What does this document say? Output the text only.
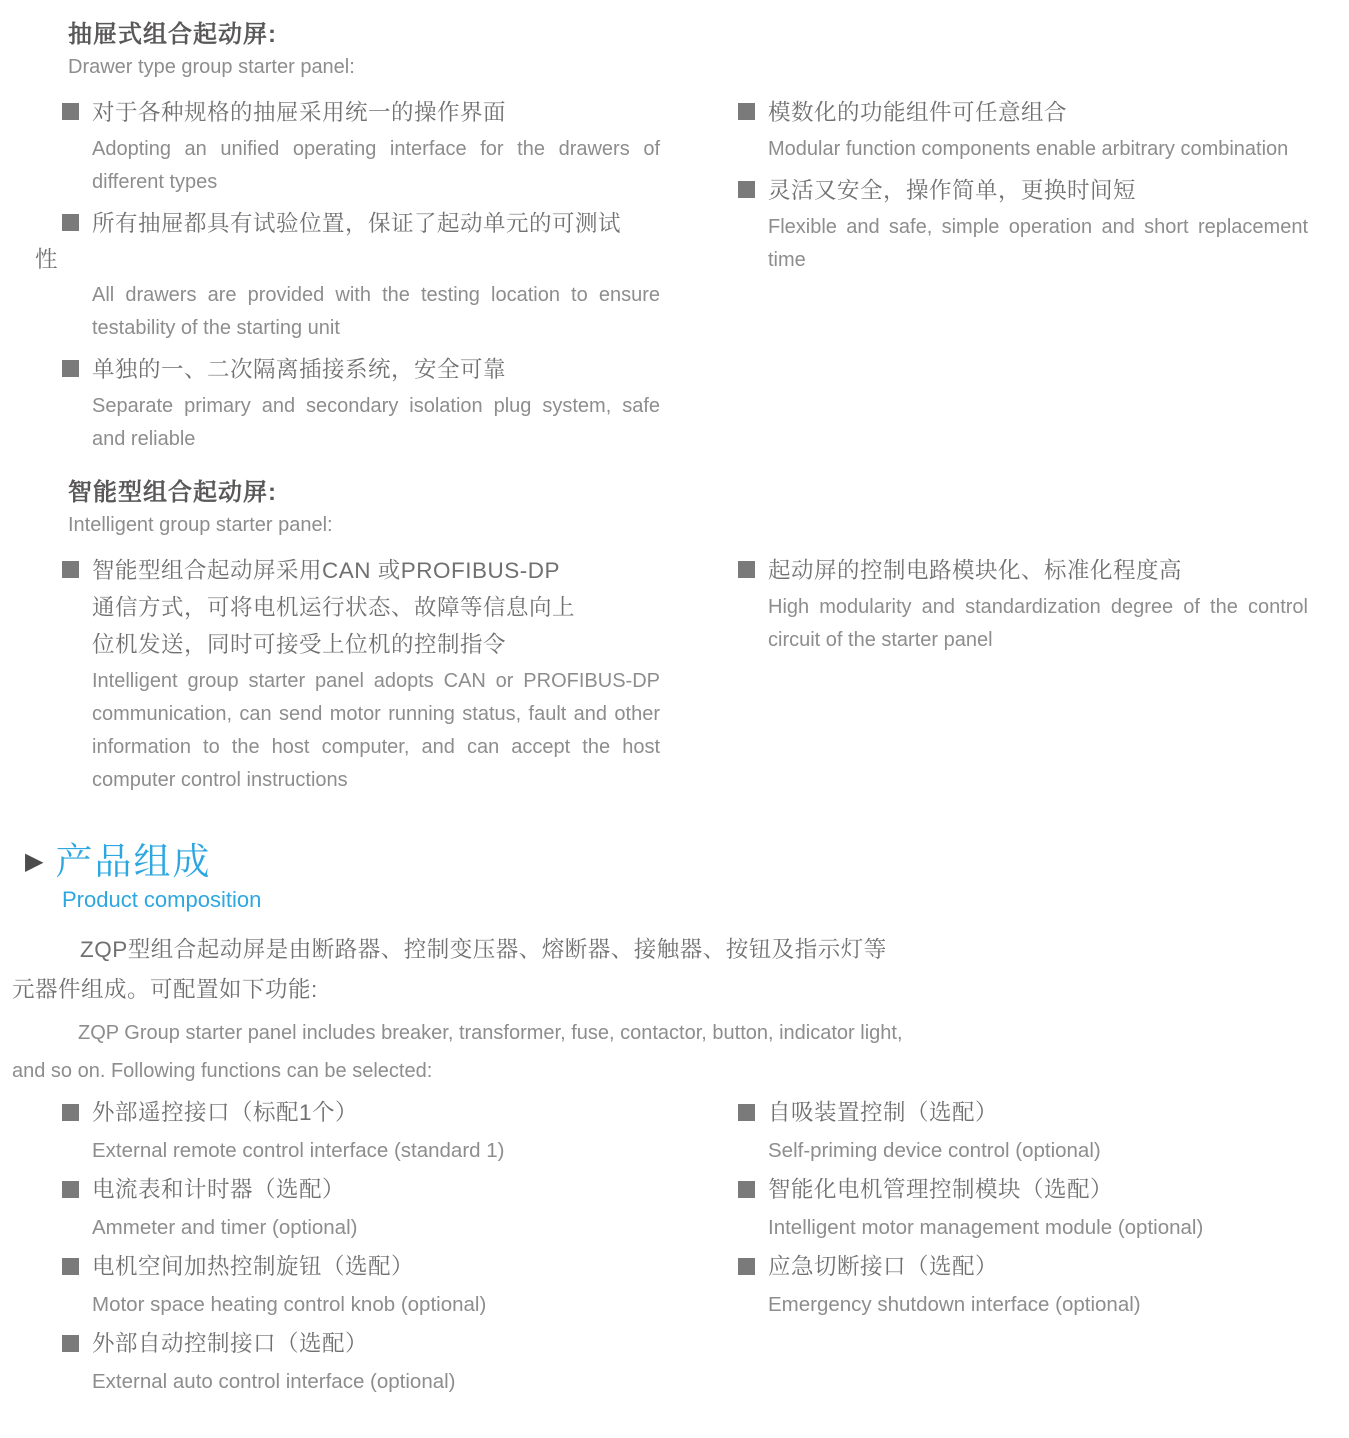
抽屉式组合起动屏:
Drawer type group starter panel:
对于各种规格的抽屉采用统一的操作界面
Adopting an unified operating interface for the drawers of different types
所有抽屉都具有试验位置，保证了起动单元的可测试
性
All drawers are provided with the testing location to ensure testability of the starting unit
单独的一、二次隔离插接系统，安全可靠
Separate primary and secondary isolation plug system, safe and reliable
模数化的功能组件可任意组合
Modular function components enable arbitrary combination
灵活又安全，操作简单，更换时间短
Flexible and safe, simple operation and short replacement time
智能型组合起动屏:
Intelligent group starter panel:
智能型组合起动屏采用CAN 或PROFIBUS-DP通信方式，可将电机运行状态、故障等信息向上位机发送，同时可接受上位机的控制指令
Intelligent group starter panel adopts CAN or PROFIBUS-DP communication, can send motor running status, fault and other information to the host computer, and can accept the host computer control instructions
起动屏的控制电路模块化、标准化程度高
High modularity and standardization degree of the control circuit of the starter panel
▶ 产品组成
Product composition
ZQP型组合起动屏是由断路器、控制变压器、熔断器、接触器、按钮及指示灯等元器件组成。可配置如下功能:
ZQP Group starter panel includes breaker, transformer, fuse, contactor, button, indicator light, and so on. Following functions can be selected:
外部遥控接口（标配1个）
External remote control interface (standard 1)
电流表和计时器（选配）
Ammeter and timer (optional)
电机空间加热控制旋钮（选配）
Motor space heating control knob (optional)
外部自动控制接口（选配）
External auto control interface (optional)
自吸装置控制（选配）
Self-priming device control (optional)
智能化电机管理控制模块（选配）
Intelligent motor management module (optional)
应急切断接口（选配）
Emergency shutdown interface (optional)
